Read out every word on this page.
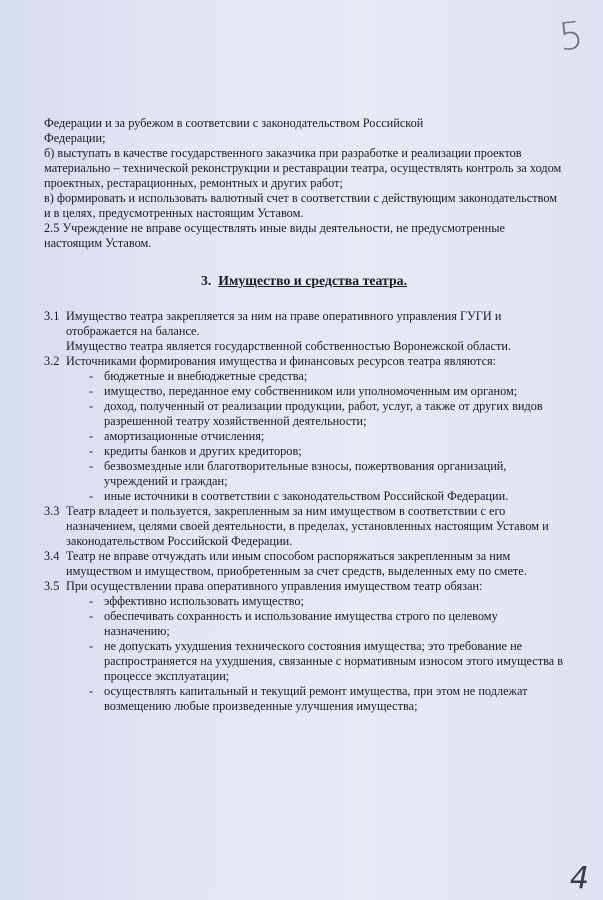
5

Федерации и за рубежом в соответсвии с законодательством Российской

Федерации;

б) выступать в качестве государственного заказчика при разработке и реализации проектов материально – технической реконструкции и реставрации театра, осуществлять контроль за ходом проектных, рестарационных, ремонтных и других работ;

в) формировать и использовать валютный счет в соответствии с действующим законодательством и в целях, предусмотренных настоящим Уставом.

2.5 Учреждение не вправе осуществлять иные виды деятельности, не предусмотренные настоящим Уставом.

3. Имущество и средства театра.
3.1 Имущество театра закрепляется за ним на праве оперативного управления ГУГИ и отображается на балансе.

Имущество театра является государственной собственностью Воронежской области.

3.2 Источниками формирования имущества и финансовых ресурсов театра являются:

- бюджетные и внебюджетные средства;
- имущество, переданное ему собственником или уполномоченным им органом;
- доход, полученный от реализации продукции, работ, услуг, а также от других видов разрешенной театру хозяйственной деятельности;
- амортизационные отчисления;
- кредиты банков и других кредиторов;
- безвозмездные или благотворительные взносы, пожертвования организаций, учреждений и граждан;
- иные источники в соответствии с законодательством Российской Федерации.
3.3 Театр владеет и пользуется, закрепленным за ним имуществом в соответствии с его назначением, целями своей деятельности, в пределах, установленных настоящим Уставом и законодательством Российской Федерации.

3.4 Театр не вправе отчуждать или иным способом распоряжаться закрепленным за ним имуществом и имуществом, приобретенным за счет средств, выделенных ему по смете.

3.5 При осуществлении права оперативного управления имуществом театр обязан:

- эффективно использовать имущество;
- обеспечивать сохранность и использование имущества строго по целевому назначению;
- не допускать ухудшения технического состояния имущества; это требование не распространяется на ухудшения, связанные с нормативным износом этого имущества в процессе эксплуатации;
- осуществлять капитальный и текущий ремонт имущества, при этом не подлежат возмещению любые произведенные улучшения имущества;
4
